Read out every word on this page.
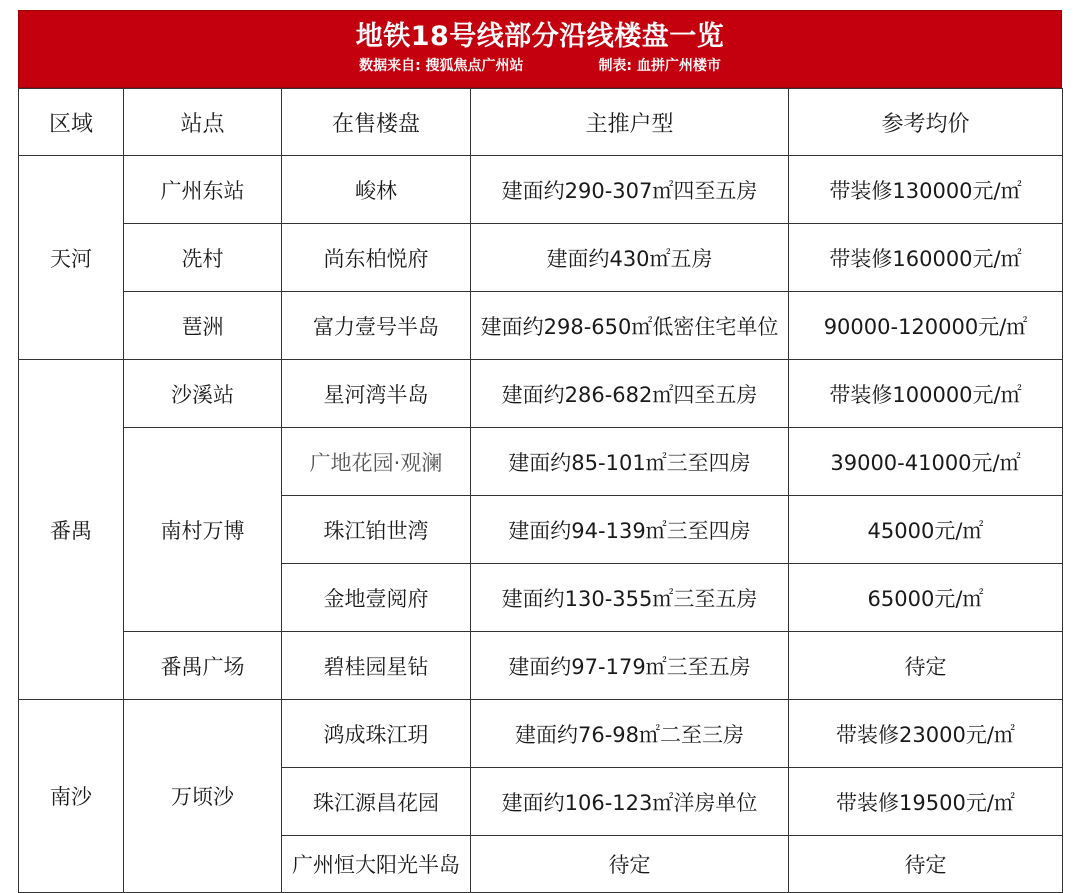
地铁18号线部分沿线楼盘一览
数据来自: 搜狐焦点广州站	制表: 血拼广州楼市
区域	站点	在售楼盘	主推户型	参考均价
天河	广州东站	峻林	建面约290-307㎡四至五房	带装修130000元/㎡
	冼村	尚东柏悦府	建面约430㎡五房	带装修160000元/㎡
	琶洲	富力壹号半岛	建面约298-650㎡低密住宅单位	90000-120000元/㎡
番禺	沙溪站	星河湾半岛	建面约286-682㎡四至五房	带装修100000元/㎡
	南村万博	广地花园·观澜	建面约85-101㎡三至四房	39000-41000元/㎡
		珠江铂世湾	建面约94-139㎡三至四房	45000元/㎡
		金地壹阅府	建面约130-355㎡三至五房	65000元/㎡
	番禺广场	碧桂园星钻	建面约97-179㎡三至五房	待定
南沙	万顷沙	鸿成珠江玥	建面约76-98㎡二至三房	带装修23000元/㎡
		珠江源昌花园	建面约106-123㎡洋房单位	带装修19500元/㎡
		广州恒大阳光半岛	待定	待定
